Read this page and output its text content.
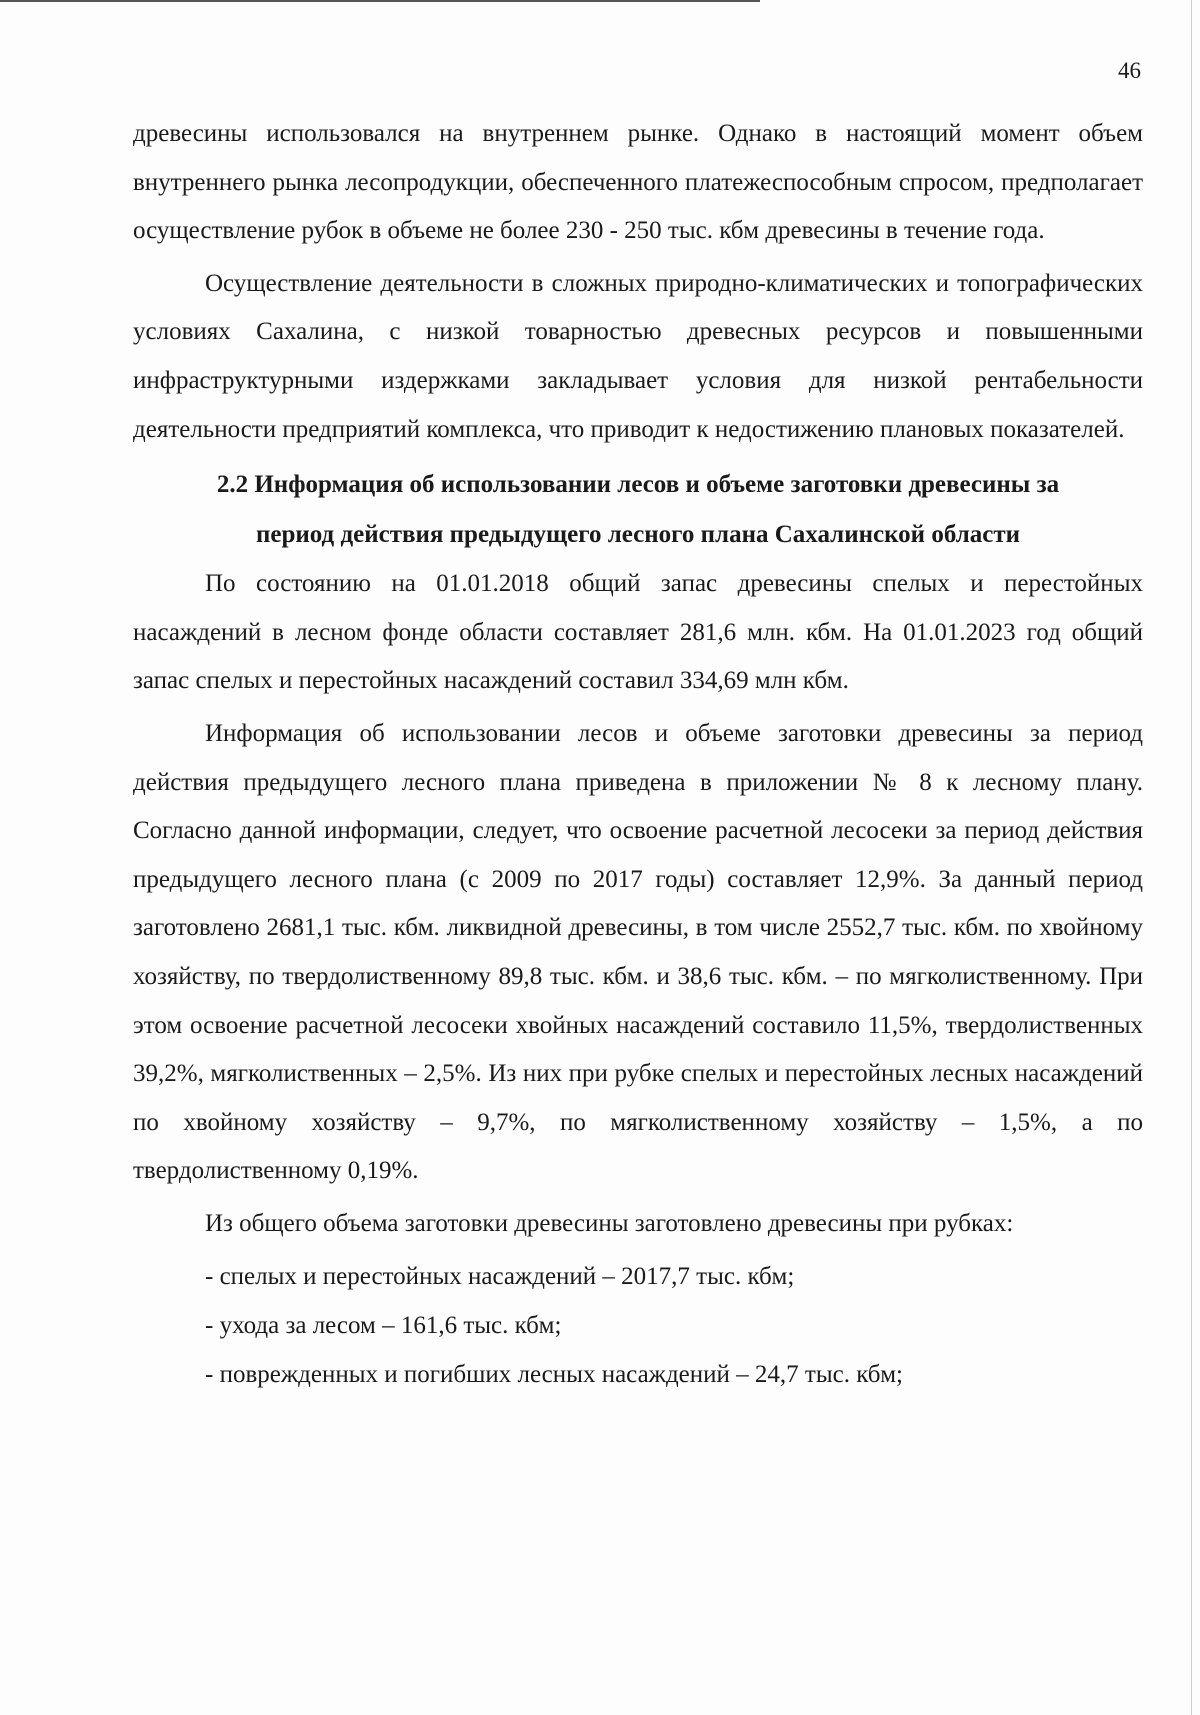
46

древесины использовался на внутреннем рынке. Однако в настоящий момент объем внутреннего рынка лесопродукции, обеспеченного платежеспособным спросом, предполагает осуществление рубок в объеме не более 230 - 250 тыс. кбм древесины в течение года.

Осуществление деятельности в сложных природно-климатических и топографических условиях Сахалина, с низкой товарностью древесных ресурсов и повышенными инфраструктурными издержками закладывает условия для низкой рентабельности деятельности предприятий комплекса, что приводит к недостижению плановых показателей.

2.2 Информация об использовании лесов и объеме заготовки древесины за
период действия предыдущего лесного плана Сахалинской области

По состоянию на 01.01.2018 общий запас древесины спелых и перестойных насаждений в лесном фонде области составляет 281,6 млн. кбм. На 01.01.2023 год общий запас спелых и перестойных насаждений составил 334,69 млн кбм.

Информация об использовании лесов и объеме заготовки древесины за период действия предыдущего лесного плана приведена в приложении № 8 к лесному плану. Согласно данной информации, следует, что освоение расчетной лесосеки за период действия предыдущего лесного плана (с 2009 по 2017 годы) составляет 12,9%. За данный период заготовлено 2681,1 тыс. кбм. ликвидной древесины, в том числе 2552,7 тыс. кбм. по хвойному хозяйству, по твердолиственному 89,8 тыс. кбм. и 38,6 тыс. кбм. – по мягколиственному. При этом освоение расчетной лесосеки хвойных насаждений составило 11,5%, твердолиственных 39,2%, мягколиственных – 2,5%. Из них при рубке спелых и перестойных лесных насаждений по хвойному хозяйству – 9,7%, по мягколиственному хозяйству – 1,5%, а по твердолиственному 0,19%.

Из общего объема заготовки древесины заготовлено древесины при рубках:

- спелых и перестойных насаждений – 2017,7 тыс. кбм;
- ухода за лесом – 161,6 тыс. кбм;
- поврежденных и погибших лесных насаждений – 24,7 тыс. кбм;
